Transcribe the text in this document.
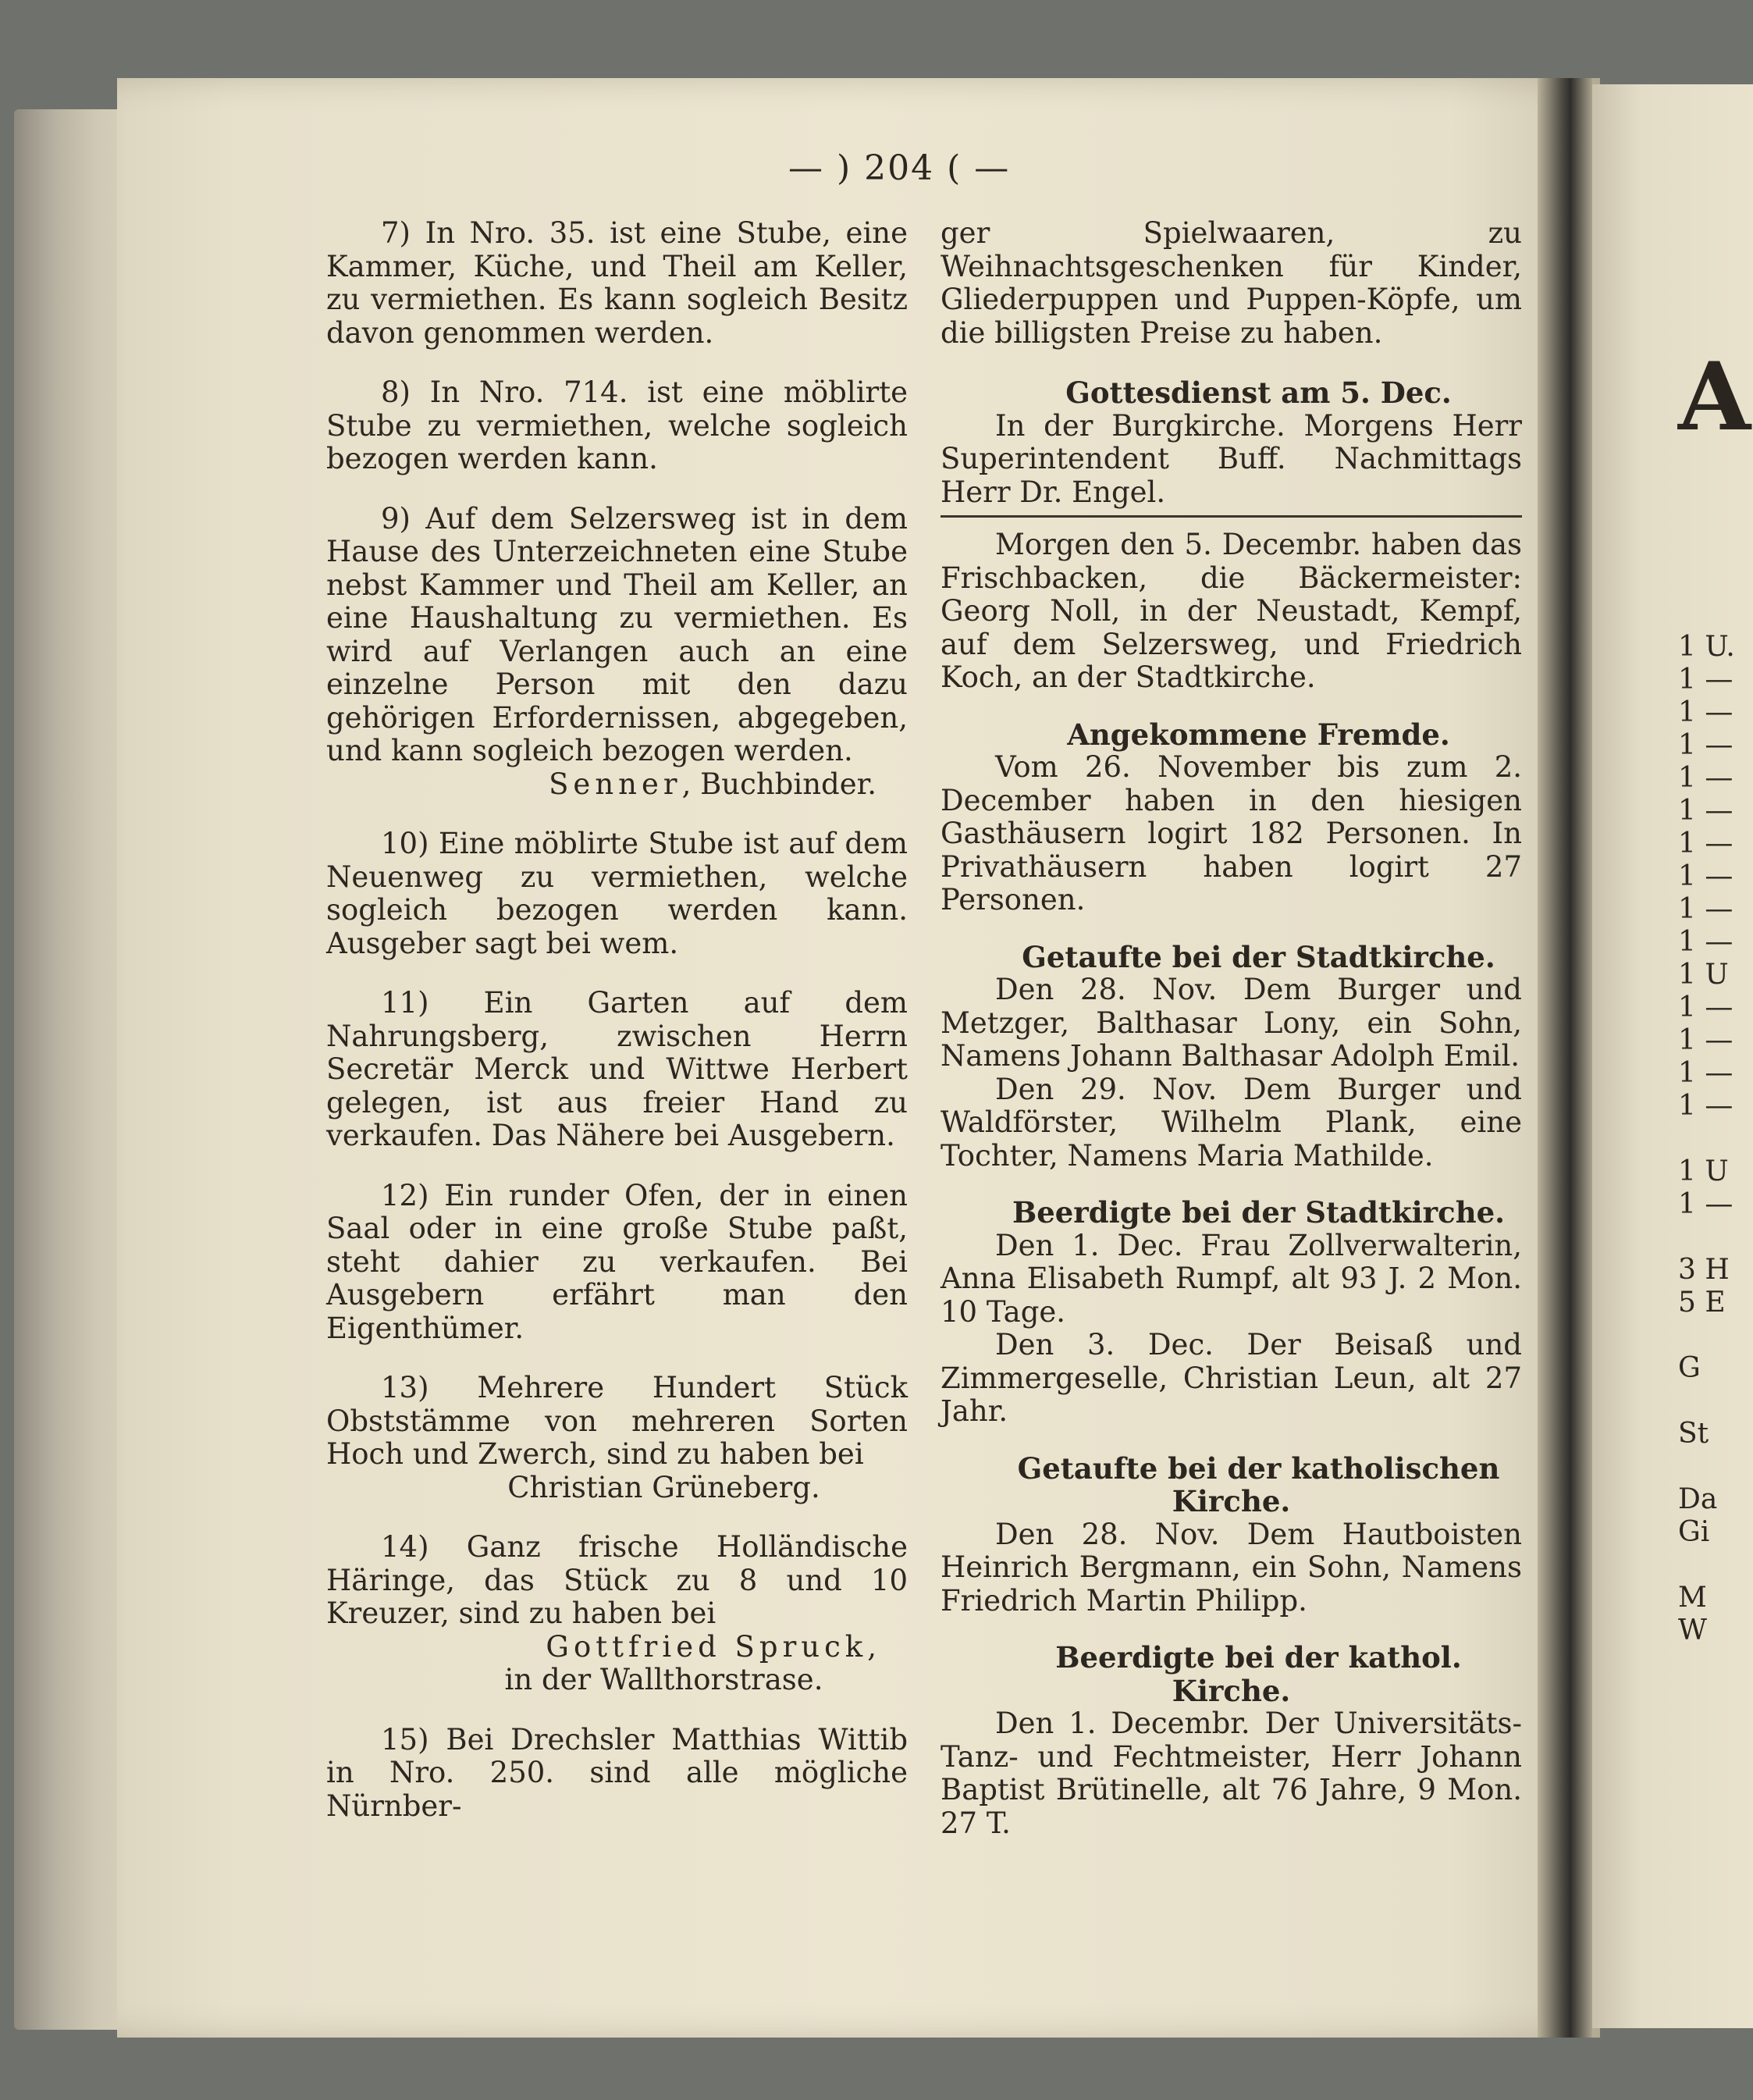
A
1 U.
1 —
1 —
1 —
1 —
1 —
1 —
1 —
1 —
1 —
1 U
1 —
1 —
1 —
1 —
1 U
1 —
3 H
5 E
G
St
Da
Gi
M
W
— ) 204 ( —

7) In Nro. 35. ist eine Stube, eine Kammer, Küche, und Theil am Keller, zu vermiethen. Es kann sogleich Besitz davon genommen werden.

8) In Nro. 714. ist eine möblirte Stube zu vermiethen, welche sogleich bezogen werden kann.

9) Auf dem Selzersweg ist in dem Hause des Unterzeichneten eine Stube nebst Kammer und Theil am Keller, an eine Haushaltung zu vermiethen. Es wird auf Verlangen auch an eine einzelne Person mit den dazu gehörigen Erfordernissen, abgegeben, und kann sogleich bezogen werden.

Senner, Buchbinder.

10) Eine möblirte Stube ist auf dem Neuenweg zu vermiethen, welche sogleich bezogen werden kann. Ausgeber sagt bei wem.

11) Ein Garten auf dem Nahrungsberg, zwischen Herrn Secretär Merck und Wittwe Herbert gelegen, ist aus freier Hand zu verkaufen. Das Nähere bei Ausgebern.

12) Ein runder Ofen, der in einen Saal oder in eine große Stube paßt, steht dahier zu verkaufen. Bei Ausgebern erfährt man den Eigenthümer.

13) Mehrere Hundert Stück Obststämme von mehreren Sorten Hoch und Zwerch, sind zu haben bei

Christian Grüneberg.

14) Ganz frische Holländische Häringe, das Stück zu 8 und 10 Kreuzer, sind zu haben bei

Gottfried Spruck,
in der Wallthorstrase.

15) Bei Drechsler Matthias Wittib in Nro. 250. sind alle mögliche Nürnber-

ger Spielwaaren, zu Weihnachtsgeschenken für Kinder, Gliederpuppen und Puppen-Köpfe, um die billigsten Preise zu haben.

Gottesdienst am 5. Dec.

In der Burgkirche. Morgens Herr Superintendent Buff. Nachmittags Herr Dr. Engel.

Morgen den 5. Decembr. haben das Frischbacken, die Bäckermeister: Georg Noll, in der Neustadt, Kempf, auf dem Selzersweg, und Friedrich Koch, an der Stadtkirche.

Angekommene Fremde.

Vom 26. November bis zum 2. December haben in den hiesigen Gasthäusern logirt 182 Personen. In Privathäusern haben logirt 27 Personen.

Getaufte bei der Stadtkirche.

Den 28. Nov. Dem Burger und Metzger, Balthasar Lony, ein Sohn, Namens Johann Balthasar Adolph Emil.

Den 29. Nov. Dem Burger und Waldförster, Wilhelm Plank, eine Tochter, Namens Maria Mathilde.

Beerdigte bei der Stadtkirche.

Den 1. Dec. Frau Zollverwalterin, Anna Elisabeth Rumpf, alt 93 J. 2 Mon. 10 Tage.

Den 3. Dec. Der Beisaß und Zimmergeselle, Christian Leun, alt 27 Jahr.

Getaufte bei der katholischen Kirche.

Den 28. Nov. Dem Hautboisten Heinrich Bergmann, ein Sohn, Namens Friedrich Martin Philipp.

Beerdigte bei der kathol. Kirche.

Den 1. Decembr. Der Universitäts-Tanz- und Fechtmeister, Herr Johann Baptist Brütinelle, alt 76 Jahre, 9 Mon. 27 T.
